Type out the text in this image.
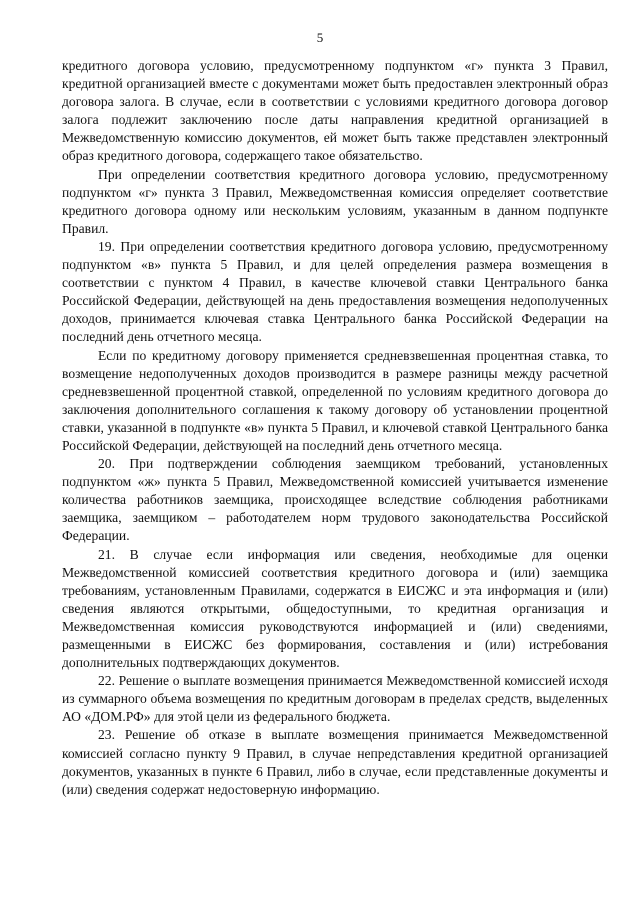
5

кредитного договора условию, предусмотренному подпунктом «г» пункта 3 Правил, кредитной организацией вместе с документами может быть предоставлен электронный образ договора залога. В случае, если в соответствии с условиями кредитного договора договор залога подлежит заключению после даты направления кредитной организацией в Межведомственную комиссию документов, ей может быть также представлен электронный образ кредитного договора, содержащего такое обязательство.

При определении соответствия кредитного договора условию, предусмотренному подпунктом «г» пункта 3 Правил, Межведомственная комиссия определяет соответствие кредитного договора одному или нескольким условиям, указанным в данном подпункте Правил.

19. При определении соответствия кредитного договора условию, предусмотренному подпунктом «в» пункта 5 Правил, и для целей определения размера возмещения в соответствии с пунктом 4 Правил, в качестве ключевой ставки Центрального банка Российской Федерации, действующей на день предоставления возмещения недополученных доходов, принимается ключевая ставка Центрального банка Российской Федерации на последний день отчетного месяца.

Если по кредитному договору применяется средневзвешенная процентная ставка, то возмещение недополученных доходов производится в размере разницы между расчетной средневзвешенной процентной ставкой, определенной по условиям кредитного договора до заключения дополнительного соглашения к такому договору об установлении процентной ставки, указанной в подпункте «в» пункта 5 Правил, и ключевой ставкой Центрального банка Российской Федерации, действующей на последний день отчетного месяца.

20. При подтверждении соблюдения заемщиком требований, установленных подпунктом «ж» пункта 5 Правил, Межведомственной комиссией учитывается изменение количества работников заемщика, происходящее вследствие соблюдения работниками заемщика, заемщиком – работодателем норм трудового законодательства Российской Федерации.

21. В случае если информация или сведения, необходимые для оценки Межведомственной комиссией соответствия кредитного договора и (или) заемщика требованиям, установленным Правилами, содержатся в ЕИСЖС и эта информация и (или) сведения являются открытыми, общедоступными, то кредитная организация и Межведомственная комиссия руководствуются информацией и (или) сведениями, размещенными в ЕИСЖС без формирования, составления и (или) истребования дополнительных подтверждающих документов.

22. Решение о выплате возмещения принимается Межведомственной комиссией исходя из суммарного объема возмещения по кредитным договорам в пределах средств, выделенных АО «ДОМ.РФ» для этой цели из федерального бюджета.

23. Решение об отказе в выплате возмещения принимается Межведомственной комиссией согласно пункту 9 Правил, в случае непредставления кредитной организацией документов, указанных в пункте 6 Правил, либо в случае, если представленные документы и (или) сведения содержат недостоверную информацию.
